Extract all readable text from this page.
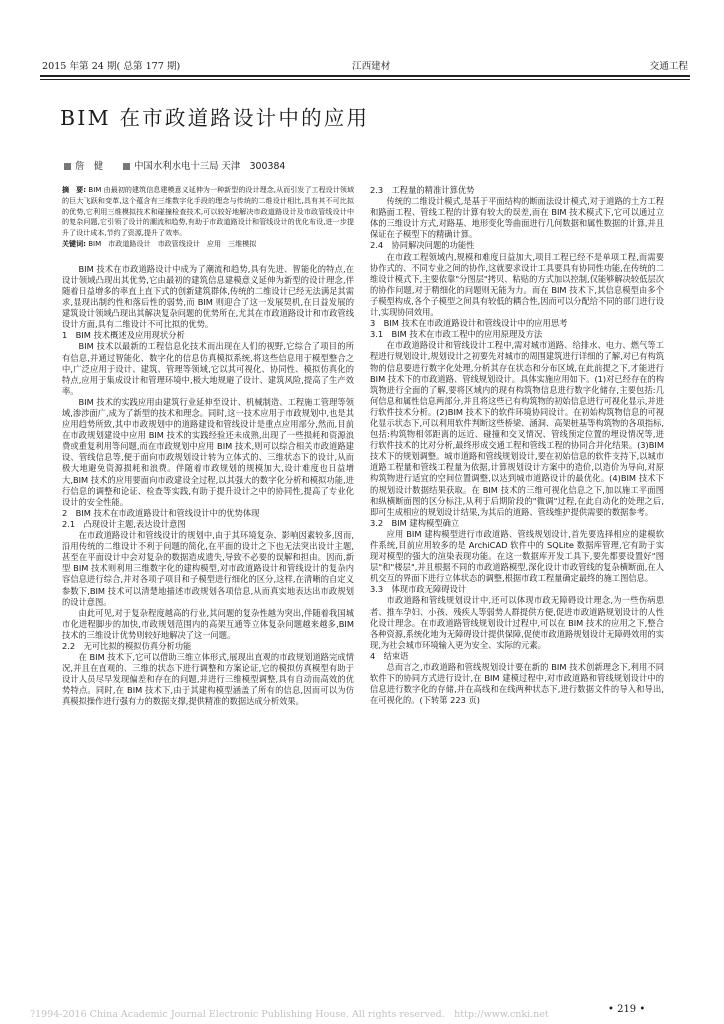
2015 年第 24 期( 总第 177 期)	江西建材	交通工程
BIM 在市政道路设计中的应用
詹　健	中国水利水电十三局 天津　300384

摘　要: BIM 由最初的建筑信息建模意义延伸为一种新型的设计理念,从而引发了工程设计领域的巨大飞跃和变革,这个蕴含有三维数字化手段的理念与传统的二维设计相比,具有其不可比拟的优势,它利用三维模拟技术和碰撞检查技术,可以较好地解决市政道路设计及市政管线设计中的复杂问题,它引领了设计的潮流和趋势,有助于市政道路设计和管线设计的优化布设,进一步提升了设计成本,节约了资源,提升了效率。

关键词: BIM　市政道路设计　市政管线设计　应用　三维模拟

BIM 技术在市政道路设计中成为了潮流和趋势,具有先进、智能化的特点,在设计领域凸现出其优势,它由最初的建筑信息建模意义延伸为新型的设计理念,伴随着日益增多的率直上直下式的创新建筑群体,传统的二维设计已经无法满足其需求,显现出制约性和落后性的弱势,而 BIM 则迎合了这一发展契机,在日益发展的建筑设计领域凸现出其解决复杂问题的优势所在,尤其在市政道路设计和市政管线设计方面,具有二维设计不可比拟的优势。

1　BIM 技术概述及应用现状分析

BIM 技术以最新的工程信息化技术而出现在人们的视野,它综合了项目的所有信息,并通过智能化、数字化的信息仿真模拟系统,将这些信息用于模型整合之中,广泛应用于设计、建筑、管理等领域,它以其可视化、协同性、模拟仿真化的特点,应用于集成设计和管理环境中,极大地规避了设计、建筑风险,提高了生产效率。

BIM 技术的实践应用由建筑行业延伸至设计、机械制造、工程施工管理等领域,渗涉面广,成为了新型的技术和理念。同时,这一技术应用于市政规划中,也是其应用趋势所致,其中市政规划中的道路建设和管线设计是重点应用部分,然而,目前在市政规划建设中应用 BIM 技术的实践经验还未成熟,出现了一些损耗和资源浪费或重复利用等问题,而在市政规划中应用 BIM 技术,则可以综合相关市政道路建设、管线信息等,便于面向市政规划设计转为立体式的、三维状态下的设计,从而极大地避免资源损耗和浪费。伴随着市政规划的规模加大,设计难度也日益增大,BIM 技术的应用要面向市政建设全过程,以其强大的数字化分析和模拟功能,进行信息的调整和论证、检查等实践,有助于提升设计之中的协同性,提高了专业化设计的安全性能。

2　BIM 技术在市政道路设计和管线设计中的优势体现

2.1　凸现设计主题,表达设计意图

在市政道路设计和管线设计的规划中,由于其环境复杂、影响因素较多,因而,沿用传统的二维设计不利于问题的简化,在平面的设计之下也无法突出设计主题,甚至在平面设计中会对复杂的数据造成遗失,导致不必要的误解和担由。因而,新型 BIM 技术则利用三维数字化的建构模型,对市政道路设计和管线设计的复杂内容信息进行综合,并对各项子项目和子模型进行细化的区分,这样,在清晰的自定义参数下,BIM 技术可以清楚地描述市政规划各项信息,从而真实地表达出市政规划的设计意图。

由此可见,对于复杂程度越高的行业,其问题的复杂性越为突出,伴随着我国城市化进程脚步的加快,市政规划范围内的高架互通等立体复杂问题越来越多,BIM 技术的三维设计优势则较好地解决了这一问题。

2.2　无可比拟的模拟仿真分析功能

在 BIM 技术下,它可以借助三维立体形式,展现出直观的市政规划道路完成情况,并且在直观的、三维的状态下进行调整和方案论证,它的模拟仿真模型有助于设计人员尽早发现偏差和存在的问题,并进行三维模型调整,具有自动而高效的优势特点。同时,在 BIM 技术下,由于其建构模型涵盖了所有的信息,因而可以为仿真模拟操作进行强有力的数据支撑,提供精准的数据达成分析效果。

2.3　工程量的精准计算优势

传统的二维设计模式,是基于平面结构的断面法设计模式,对于道路的土方工程和路面工程、管线工程的计算有较大的误差,而在 BIM 技术模式下,它可以通过立体的三维设计方式,对路基、地形变化等曲面进行几何数据和属性数据的计算,并且保证在子模型下的精确计算。

2.4　协同解决问题的功能性

在市政工程领域内,规模和难度日益加大,项目工程已经不是单项工程,而需要协作式的、不同专业之间的协作,这就要求设计工具要具有协同性功能,在传统的二维设计模式下,主要依靠"分图层"拷贝、粘贴的方式加以控制,仅能够解决较低层次的协作问题,对于精细化的问题则无能为力。而在 BIM 技术下,其信息模型由多个子模型构成,各个子模型之间具有较低的耦合性,因而可以分配给不同的部门进行设计,实现协同效用。

3　BIM 技术在市政道路设计和管线设计中的应用思考

3.1　BIM 技术在市政工程中的应用原理及方法

在市政道路设计和管线设计工程中,需对城市道路、给排水、电力、燃气等工程进行规划设计,规划设计之初要先对城市的周围建筑进行详细的了解,对已有构筑物的信息要进行数字化处理,分析其存在状态和分布区域,在此前提之下,才能进行 BIM 技术下的市政道路、管线规划设计。具体实施应用如下。(1)对已经存在的构筑物进行全面的了解,要将区域内的现有构筑物信息进行数字化储存,主要包括:几何信息和属性信息两部分,并且将这些已有构筑物的初始信息进行可视化显示,并进行软件技术分析。(2)BIM 技术下的软件环境协同设计。在初始构筑物信息的可视化显示状态下,可以利用软件判断这些桥梁、涵洞、高架桩基等构筑物的各项指标,包括:构筑物相邻距离的远近、碰撞和交叉情况、管线预定位置的埋设情况等,进行软件技术的比对分析,最终形成交通工程和管线工程的协同合并化结果。(3)BIM 技术下的规划调整。城市道路和管线规划设计,要在初始信息的软件支持下,以城市道路工程量和管线工程量为依据,计算规划设计方案中的造价,以造价为导向,对原构筑物进行适宜的空间位置调整,以达到城市道路设计的最优化。(4)BIM 技术下的规划设计数据结果获取。在 BIM 技术的三维可视化信息之下,加以施工平面图和纵横断面图的区分标注,从利于后期阶段的"微调"过程,在此自动化的处理之后,即可生成相应的规划设计结果,为其后的道路、管线维护提供需要的数据参考。

3.2　BIM 建构模型确立

应用 BIM 建构模型进行市政道路、管线规划设计,首先要选择相应的建模软件系统,目前应用较多的是 ArchiCAD 软件中的 SQLite 数据库管理,它有助于实现对模型的强大的渲染表现功能。在这一数据库开发工具下,要先都要设置好"图层"和"楼层",并且根据不同的市政道路模型,深化设计市政管线的复杂横断面,在人机交互的界面下进行立体状态的调整,根据市政工程量确定最终的施工图信息。

3.3　体现市政无障碍设计

市政道路和管线规划设计中,还可以体现市政无障碍设计理念,为一些伤病患者、推车孕妇、小孩、残疾人等弱势人群提供方便,促进市政道路规划设计的人性化设计理念。在市政道路管线规划设计过程中,可以在 BIM 技术的应用之下,整合各种资源,系统化地为无障碍设计提供保障,促使市政道路规划设计无障碍效用的实现,为社会城市环境输入更为安全、实际的元素。

4　结束语

总而言之,市政道路和管线规划设计要在新的 BIM 技术创新理念下,利用不同软件下的协同方式进行设计,在 BIM 建模过程中,对市政道路和管线规划设计中的信息进行数字化的存储,并在高线和在线两种状态下,进行数据文件的导入和导出,在可视化的。(下转第 223 页)

• 219 •
?1994-2016 China Academic Journal Electronic Publishing House. All rights reserved.　http://www.cnki.net
